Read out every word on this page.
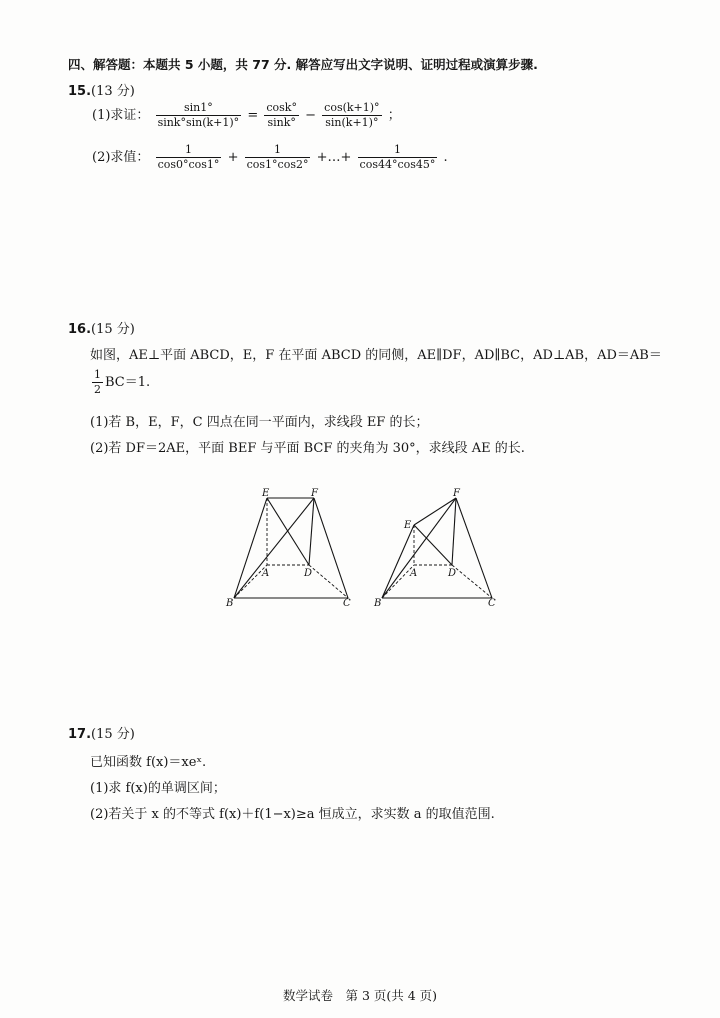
四、解答题：本题共 5 小题，共 77 分. 解答应写出文字说明、证明过程或演算步骤.
15.(13 分)
(1)求证： $\frac{\sin 1^\circ}{\sin k^\circ\sin(k+1)^\circ} = \frac{\cos k^\circ}{\sin k^\circ} - \frac{\cos(k+1)^\circ}{\sin(k+1)^\circ}$ ；
(2)求值： $\frac{1}{\cos 0^\circ\cos 1^\circ} + \frac{1}{\cos 1^\circ\cos 2^\circ}$ +…+ $\frac{1}{\cos 44^\circ\cos 45^\circ}$ .
16.(15 分)
如图，AE⊥平面 ABCD，E，F 在平面 ABCD 的同侧，AE∥DF，AD∥BC，AD⊥AB，AD＝AB＝
$\frac{1}{2} BC=1$.
(1)若 B，E，F，C 四点在同一平面内，求线段 EF 的长；
(2)若 DF＝2AE，平面 BEF 与平面 BCF 的夹角为 30°，求线段 AE 的长.
E	F
A	D
B	C
E
F
A	D
B	C
17.(15 分)
已知函数 f(x)＝xeˣ.
(1)求 f(x)的单调区间；
(2)若关于 x 的不等式 f(x)＋f(1−x)≥a 恒成立，求实数 a 的取值范围.
数学试卷　第 3 页(共 4 页)
